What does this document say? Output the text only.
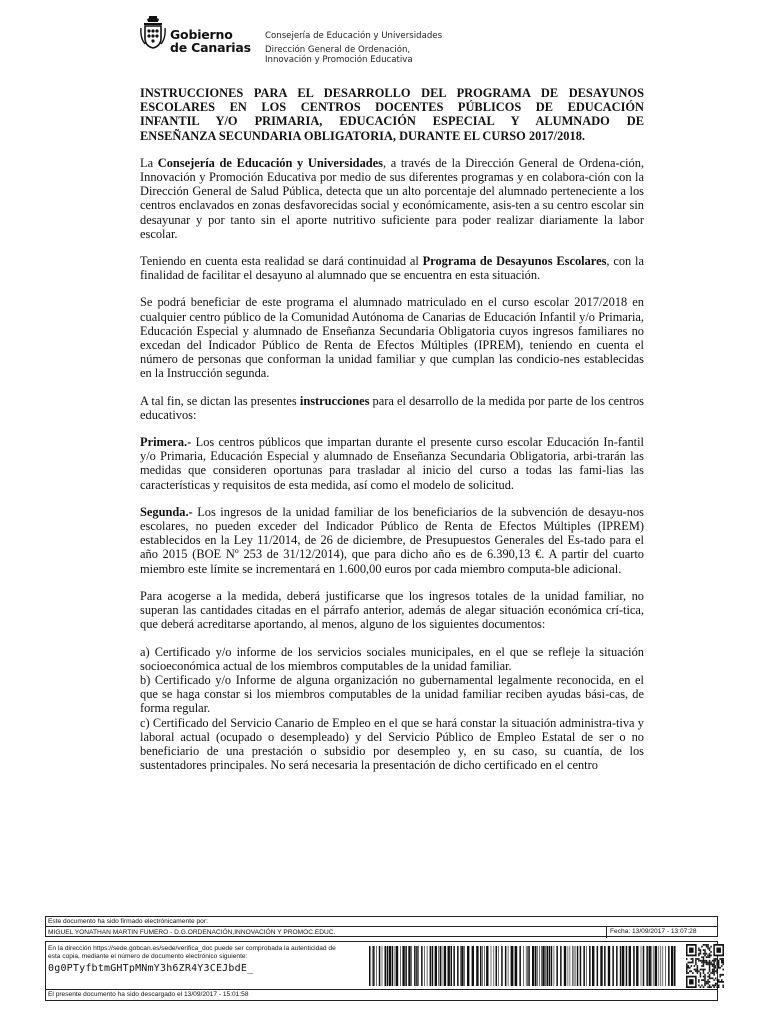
Gobierno
de Canarias
Consejería de Educación y Universidades
Dirección General de Ordenación,
Innovación y Promoción Educativa
INSTRUCCIONES PARA EL DESARROLLO DEL PROGRAMA DE DESAYUNOS
ESCOLARES EN LOS CENTROS DOCENTES PÚBLICOS DE EDUCACIÓN
INFANTIL Y/O PRIMARIA, EDUCACIÓN ESPECIAL Y ALUMNADO DE
ENSEÑANZA SECUNDARIA OBLIGATORIA, DURANTE EL CURSO 2017/2018.

La Consejería de Educación y Universidades, a través de la Dirección General de Ordena-ción, Innovación y Promoción Educativa por medio de sus diferentes programas y en colabora-ción con la Dirección General de Salud Pública, detecta que un alto porcentaje del alumnado perteneciente a los centros enclavados en zonas desfavorecidas social y económicamente, asis-ten a su centro escolar sin desayunar y por tanto sin el aporte nutritivo suficiente para poder realizar diariamente la labor escolar.

Teniendo en cuenta esta realidad se dará continuidad al Programa de Desayunos Escolares, con la finalidad de facilitar el desayuno al alumnado que se encuentra en esta situación.

Se podrá beneficiar de este programa el alumnado matriculado en el curso escolar 2017/2018 en cualquier centro público de la Comunidad Autónoma de Canarias de Educación Infantil y/o Primaria, Educación Especial y alumnado de Enseñanza Secundaria Obligatoria cuyos ingresos familiares no excedan del Indicador Público de Renta de Efectos Múltiples (IPREM), teniendo en cuenta el número de personas que conforman la unidad familiar y que cumplan las condicio-nes establecidas en la Instrucción segunda.

A tal fin, se dictan las presentes instrucciones para el desarrollo de la medida por parte de los centros educativos:

Primera.- Los centros públicos que impartan durante el presente curso escolar Educación In-fantil y/o Primaria, Educación Especial y alumnado de Enseñanza Secundaria Obligatoria, arbi-trarán las medidas que consideren oportunas para trasladar al inicio del curso a todas las fami-lias las características y requisitos de esta medida, así como el modelo de solicitud.

Segunda.- Los ingresos de la unidad familiar de los beneficiarios de la subvención de desayu-nos escolares, no pueden exceder del Indicador Público de Renta de Efectos Múltiples (IPREM) establecidos en la Ley 11/2014, de 26 de diciembre, de Presupuestos Generales del Es-tado para el año 2015 (BOE Nº 253 de 31/12/2014), que para dicho año es de 6.390,13 €. A partir del cuarto miembro este límite se incrementará en 1.600,00 euros por cada miembro computa-ble adicional.

Para acogerse a la medida, deberá justificarse que los ingresos totales de la unidad familiar, no superan las cantidades citadas en el párrafo anterior, además de alegar situación económica crí-tica, que deberá acreditarse aportando, al menos, alguno de los siguientes documentos:

a) Certificado y/o informe de los servicios sociales municipales, en el que se refleje la situación socioeconómica actual de los miembros computables de la unidad familiar.

b) Certificado y/o Informe de alguna organización no gubernamental legalmente reconocida, en el que se haga constar si los miembros computables de la unidad familiar reciben ayudas bási-cas, de forma regular.

c) Certificado del Servicio Canario de Empleo en el que se hará constar la situación administra-tiva y laboral actual (ocupado o desempleado) y del Servicio Público de Empleo Estatal de ser o no beneficiario de una prestación o subsidio por desempleo y, en su caso, su cuantía, de los sustentadores principales. No será necesaria la presentación de dicho certificado en el centro

Este documento ha sido firmado electrónicamente por:
MIGUEL YONATHAN MARTIN FUMERO - D.G.ORDENACIÓN,INNOVACIÓN Y PROMOC.EDUC.	Fecha: 13/09/2017 - 13:07:28
En la dirección https://sede.gobcan.es/sede/verifica_doc puede ser comprobada la autenticidad de esta copia, mediante el número de documento electrónico siguiente:
0g0PTyfbtmGHTpMNmY3h6ZR4Y3CEJbdE_
El presente documento ha sido descargado el 13/09/2017 - 15:01:58
